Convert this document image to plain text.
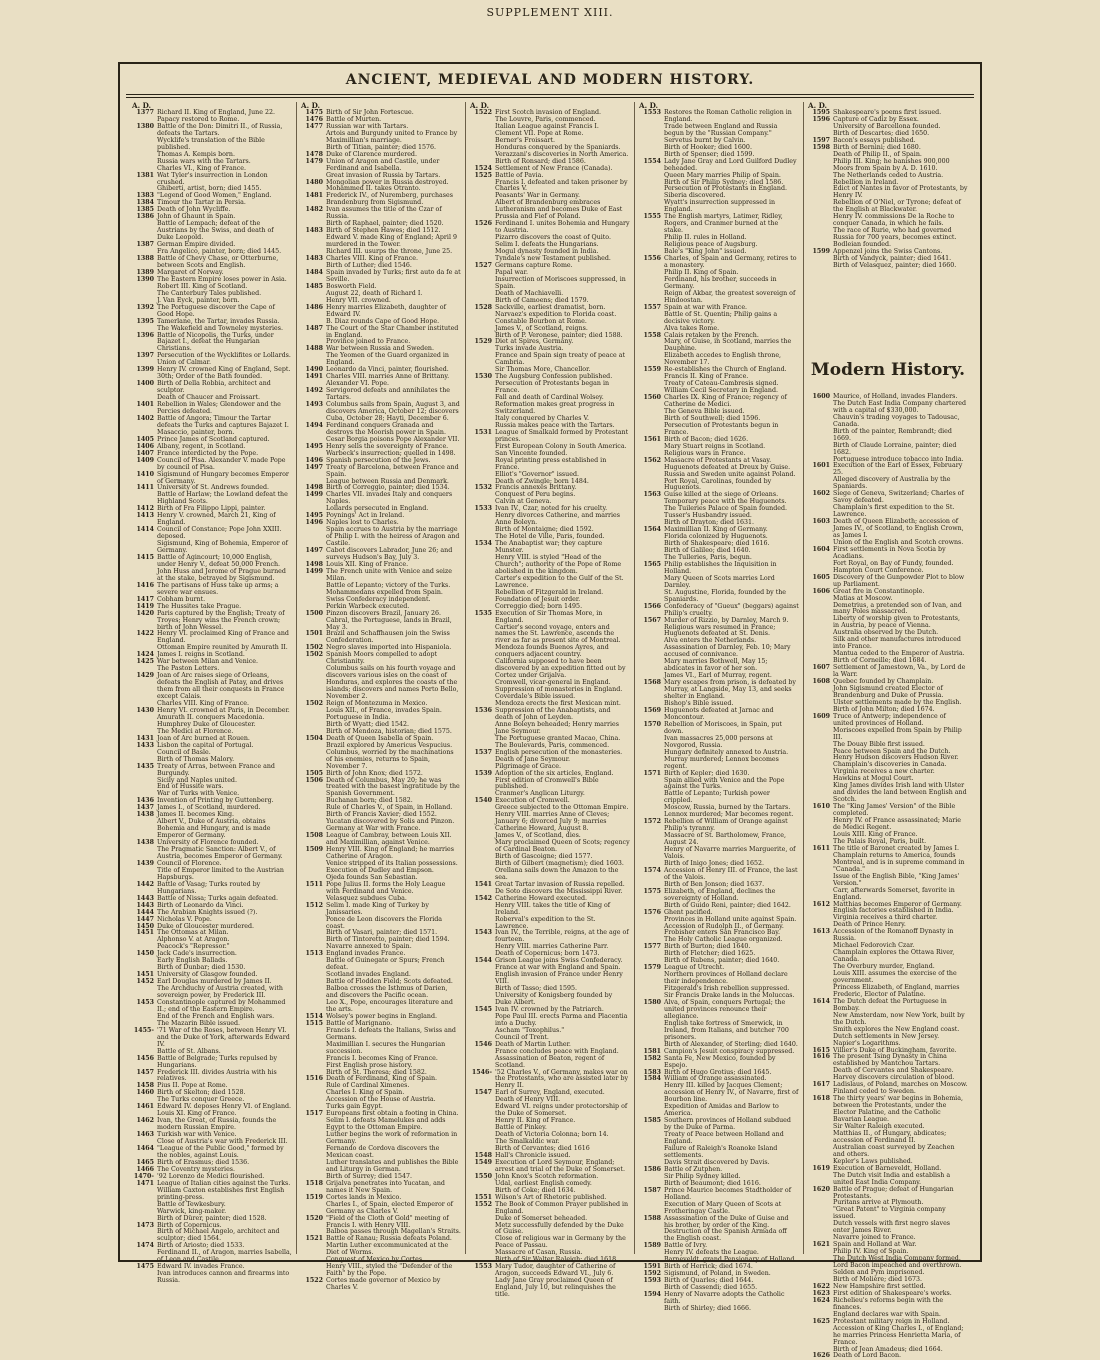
SUPPLEMENT XIII.
ANCIENT, MEDIEVAL AND MODERN HISTORY.
A. D.
1377 Richard II. King of England, June 22.
Papacy restored to Rome.
1380 Battle of the Don: Dimitri II., of Russia, defeats the Tartars.
Wycklife's translation of the Bible published.
Thomas A. Kempis born.
Russia wars with the Tartars.
Charles VI., King of France.
1381 Wat Tyler's insurrection in London crushed.
Ghiberti, artist, born; died 1455.
1383 "Legend of Good Women," England.
1384 Timour the Tartar in Persia.
1385 Death of John Wycliffe.
1386 John of Ghaunt in Spain.
Battle of Lempach; defeat of the Austrians by the Swiss, and death of Duke Leopold.
1387 German Empire divided.
Fra Angelico, painter, born; died 1445.
1388 Battle of Chevy Chase, or Otterburne, between Scots and English.
1389 Margaret of Norway.
1390 The Eastern Empire loses power in Asia.
Robert III. King of Scotland.
The Canterbury Tales published.
J. Van Eyck, painter, born.
1392 The Portuguese discover the Cape of Good Hope.
1395 Tamerlane, the Tartar, invades Russia.
The Wakefield and Towneley mysteries.
1396 Battle of Nicopolis, the Turks, under Bajazet I., defeat the Hungarian Christians.
1397 Persecution of the Wycklifites or Lollards.
Union of Calmar.
1399 Henry IV. crowned King of England, Sept. 30th; Order of the Bath founded.
1400 Birth of Della Robbia, architect and sculptor.
Death of Chaucer and Froissart.
1401 Rebellion in Wales; Glendower and the Percies defeated.
1402 Battle of Angora; Timour the Tartar defeats the Turks and captures Bajazet I.
Masaccio, painter, born.
1405 Prince James of Scotland captured.
1406 Albany, regent, in Scotland.
1407 France interdicted by the Pope.
1409 Council of Pisa. Alexander V. made Pope by council of Pisa.
1410 Sigismund of Hungary becomes Emperor of Germany.
1411 University of St. Andrews founded.
Battle of Harlaw; the Lowland defeat the Highland Scots.
1412 Birth of Fra Filippo Lippi, painter.
1413 Henry V. crowned, March 21, King of England.
1414 Council of Constance; Pope John XXIII. deposed.
Sigismund, King of Bohemia, Emperor of Germany.
1415 Battle of Agincourt; 10,000 English, under Henry V., defeat 50,000 French.
John Huss and Jerome of Prague burned at the stake, betrayed by Sigismund.
1416 The partisans of Huss take up arms; a severe war ensues.
1417 Cobham burnt.
1419 The Hussites take Prague.
1420 Paris captured by the English; Treaty of Troyes; Henry wins the French crown; birth of John Wessel.
1422 Henry VI. proclaimed King of France and England.
Ottoman Empire reunited by Amurath II.
1424 James I. reigns in Scotland.
1425 War between Milan and Venice.
The Paston Letters.
1429 Joan of Arc raises siege of Orleans, defeats the English at Patay, and drives them from all their conquests in France except Calais.
Charles VIII. King of France.
1430 Henry VI. crowned at Paris, in December.
Amurath II. conquers Macedonia.
Humphrey Duke of Gloucester.
The Medici at Florence.
1431 Joan of Arc burned at Rouen.
1433 Lisbon the capital of Portugal.
Council of Basle.
Birth of Thomas Malory.
1435 Treaty of Arras, between France and Burgundy.
Sicily and Naples united.
End of Hussite wars.
War of Turks with Venice.
1436 Invention of Printing by Guttenberg.
1437 James I., of Scotland, murdered.
1438 James II. becomes King.
Albert V., Duke of Austria, obtains Bohemia and Hungary, and is made Emperor of Germany.
1438 University of Florence founded.
The Pragmatic Sanction: Albert V., of Austria, becomes Emperor of Germany.
1439 Council of Florence.
Title of Emperor limited to the Austrian Hapsburgs.
1442 Battle of Vasag; Turks routed by Hungarians.
1443 Battle of Nissa; Turks again defeated.
1443 Birth of Leonardo da Vinci.
1444 The Arabian Knights issued (?).
1447 Nicholas V. Pope.
1450 Duke of Gloucester murdered.
1451 The Ottomas at Milan.
Alphonso V. at Aragon.
Peacock's "Repressor."
1450 Jack Cade's insurrection.
Early English Ballads.
Birth of Dunbar; died 1530.
1451 University of Glasgow founded.
1452 Earl Douglas murdered by James II.
The Archduchy of Austria created, with sovereign power, by Frederick III.
1453 Constantinople captured by Mohammed II.; end of the Eastern Empire.
End of the French and English wars.
The Mazarin Bible issued.
1455- '71 War of the Roses, between Henry VI. and the Duke of York, afterwards Edward IV.
Battle of St. Albans.
1456 Battle of Belgrade; Turks repulsed by Hungarians.
1457 Frederick III. divides Austria with his relatives.
1458 Pius II. Pope at Rome.
1460 Birth of Skelton; died 1528.
The Turks conquer Greece.
1461 Edward IV. deposes Henry VI. of England.
Louis XI. King of France.
1462 Ivan, the Great, of Russia, founds the modern Russian Empire.
1463 Turkish war with Venice.
Close of Austria's war with Frederick III.
1464 "League of the Public Good," formed by the nobles, against Louis.
1465 Birth of Erasmus; died 1536.
1466 The Coventry mysteries.
1470- '92 Lorenzo de Medici flourished.
1471 League of Italian cities against the Turks.
William Caxton establishes first English printing-press.
Battle of Tewkesbury.
Warwick, king-maker.
Birth of Dürer, painter; died 1528.
1473 Birth of Copernicus.
Birth of Michael Angelo, architect and sculptor; died 1564.
1474 Birth of Ariosto; died 1533.
Ferdinand II., of Aragon, marries Isabella, of Leon and Castile.
1475 Edward IV. invades France.
Ivan introduces cannon and firearms into Russia.
A. D.
1475 Birth of Sir John Fortescue.
1476 Battle of Murten.
1477 Russian war with Tartars.
Artois and Burgundy united to France by Maximillian's marriage.
Birth of Titian, painter; died 1576.
1478 Duke of Clarence murdered.
1479 Union of Aragon and Castile, under Ferdinand and Isabella.
Great invasion of Russia by Tartars.
1480 Mongolian power in Russia destroyed.
Mohammed II. takes Otranto.
1481 Frederick IV., of Nuremberg, purchases Brandenburg from Sigismund.
1482 Ivan assumes the title of the Czar of Russia.
Birth of Raphael, painter; died 1520.
1483 Birth of Stephen Hawes; died 1512.
Edward V. made King of England; April 9 murdered in the Tower.
Richard III. usurps the throne, June 25.
1483 Charles VIII. King of France.
Birth of Luther; died 1546.
1484 Spain invaded by Turks; first auto da fe at Seville.
1485 Bosworth Field.
August 22, death of Richard I.
Henry VII. crowned.
1486 Henry marries Elizabeth, daughter of Edward IV.
B. Diaz rounds Cape of Good Hope.
1487 The Court of the Star Chamber instituted in England.
Province joined to France.
1488 War between Russia and Sweden.
The Yeomen of the Guard organized in England.
1490 Leonardo da Vinci, painter, flourished.
1491 Charles VIII. marries Anne of Brittany.
Alexander VI. Pope.
1492 Servigorod defeats and annihilates the Tartars.
1493 Columbus sails from Spain, August 3, and discovers America, October 12; discovers Cuba, October 28; Hayti, December 6.
1494 Ferdinand conquers Granada and destroys the Moorish power in Spain.
Cesar Borgia poisons Pope Alexander VII.
1495 Henry sells the sovereignty of France.
Warbeck's insurrection; quelled in 1498.
1496 Spanish persecution of the Jews.
1497 Treaty of Barcelona, between France and Spain.
League between Russia and Denmark.
1498 Birth of Correggio, painter; died 1534.
1499 Charles VII. invades Italy and conquers Naples.
Lollards persecuted in England.
1495 Poynings' Act in Ireland.
1496 Naples lost to Charles.
Spain accrues to Austria by the marriage of Philip I. with the heiress of Aragon and Castile.
1497 Cabot discovers Labrador, June 26; and surveys Hudson's Bay, July 3.
1498 Louis XII. King of France.
1499 The French unite with Venice and seize Milan.
Battle of Lepanto; victory of the Turks.
Mohammedans expelled from Spain.
Swiss Confederacy independent.
Perkin Warbeck executed.
1500 Pinzon discovers Brazil, January 26.
Cabral, the Portuguese, lands in Brazil, May 3.
1501 Brazil and Schaffhausen join the Swiss Confederation.
1502 Negro slaves imported into Hispaniola.
1502 Spanish Moors compelled to adopt Christianity.
Columbus sails on his fourth voyage and discovers various isles on the coast of Honduras, and explores the coasts of the islands; discovers and names Porto Bello, November 2.
1502 Reign of Montezuma in Mexico.
Louis XII., of France, invades Spain.
Portuguese in India.
Birth of Wyatt; died 1542.
Birth of Mendoza, historian; died 1575.
1504 Death of Queen Isabella of Spain.
Brazil explored by Americus Vespucius.
Columbus, worried by the machinations of his enemies, returns to Spain, November 7.
1505 Birth of John Knox; died 1572.
1506 Death of Columbus, May 20; he was treated with the basest ingratitude by the Spanish Government.
Buchanan born; died 1582.
Rule of Charles V., of Spain, in Holland.
Birth of Francis Xavier; died 1552.
Yucatan discovered by Solis and Pinzon.
Germany at War with France.
1508 League of Cambray, between Louis XII. and Maximillian, against Venice.
1509 Henry VIII. King of England; he marries Catherine of Aragon.
Venice stripped of its Italian possessions.
Execution of Dudley and Empson.
Ojeda founds San Sebastian.
1511 Pope Julius II. forms the Holy League with Ferdinand and Venice.
Velasquez subdues Cuba.
1512 Selim I. made King of Turkey by Janissaries.
Ponce de Leon discovers the Florida coast.
Birth of Vasari, painter; died 1571.
Birth of Tintoretto, painter; died 1594.
Navarre annexed to Spain.
1513 England invades France.
Battle of Guinegate or Spurs; French defeat.
Scotland invades England.
Battle of Flodden Field; Scots defeated.
Balboa crosses the Isthmus of Darien, and discovers the Pacific ocean.
Leo X., Pope, encourages literature and the arts.
1514 Wolsey's power begins in England.
1515 Battle of Marignano.
Francis I. defeats the Italians, Swiss and Germans.
Maximillian I. secures the Hungarian succession.
Francis I. becomes King of France.
First English prose history.
Birth of St. Theresa; died 1582.
1516 Death of Ferdinand, King of Spain.
Rule of Cardinal Ximenes.
Charles I. King of Spain.
Accession of the House of Austria.
Turks gain Egypt.
1517 Europeans first obtain a footing in China.
Selim I. defeats Mamelukes and adds Egypt to the Ottoman Empire.
Luther begins the work of reformation in Germany.
Fernando de Cordova discovers the Mexican coast.
Luther translates and publishes the Bible and Liturgy in German.
Birth of Surrey; died 1547.
1518 Grijalva penetrates into Yucatan, and names it New Spain.
1519 Cortes lands in Mexico.
Charles I., of Spain, elected Emperor of Germany as Charles V.
1520 "Field of the Cloth of Gold" meeting of Francis I. with Henry VIII.
Balboa passes through Magellan's Straits.
1521 Battle of Ranau; Russia defeats Poland.
Martin Luther excommunicated at the Diet of Worms.
Conquest of Mexico by Cortes.
Henry VIII., styled the "Defender of the Faith" by the Pope.
1522 Cortes made governor of Mexico by Charles V.
A. D.
1522 First Scotch invasion of England.
The Louvre, Paris, commenced.
Italian League against Francis I.
Clement VII. Pope at Rome.
Berner's Froissart.
Honduras conquered by the Spaniards.
Verazzani's discoveries in North America.
Birth of Ronsard; died 1586.
1524 Settlement of New France (Canada).
1525 Battle of Pavia.
Francis I. defeated and taken prisoner by Charles V.
Peasants' War in Germany.
Albert of Brandenburg embraces Lutheranism and becomes Duke of East Prussia and Fief of Poland.
1526 Ferdinand I. unites Bohemia and Hungary to Austria.
Pizarro discovers the coast of Quito.
Selim I. defeats the Hungarians.
Mogul dynasty founded in India.
Tyndale's new Testament published.
1527 Germans capture Rome.
Papal war.
Insurrection of Moriscoes suppressed, in Spain.
Death of Machiavelli.
Birth of Camoens; died 1579.
1528 Sackville, earliest dramatist, born.
Narvaez's expedition to Florida coast.
Constable Bourbon at Rome.
James V., of Scotland, reigns.
Birth of P. Veronese, painter; died 1588.
1529 Diet at Spires, Germany.
Turks invade Austria.
France and Spain sign treaty of peace at Cambria.
Sir Thomas More, Chancellor.
1530 The Augsburg Confession published.
Persecution of Protestants began in France.
Fall and death of Cardinal Wolsey.
Reformation makes great progress in Switzerland.
Italy conquered by Charles V.
Russia makes peace with the Tartars.
1531 League of Smalkald formed by Protestant princes.
First European Colony in South America.
San Vincente founded.
Royal printing press established in France.
Elliot's "Governor" issued.
Death of Zwingle; born 1484.
1532 Francis annexes Brittany.
Conquest of Peru begins.
Calvin at Geneva.
1533 Ivan IV., Czar, noted for his cruelty.
Henry divorces Catherine, and marries Anne Boleyn.
Birth of Montaigne; died 1592.
The Hotel de Ville, Paris, founded.
1534 The Anabaptist war; they capture Munster.
Henry VIII. is styled "Head of the Church"; authority of the Pope of Rome abolished in the kingdom.
Carter's expedition to the Gulf of the St. Lawrence.
Rebellion of Fitzgerald in Ireland.
Foundation of Jesuit order.
Correggio died; born 1495.
1535 Execution of Sir Thomas More, in England.
Cartier's second voyage, enters and names the St. Lawrence, ascends the river as far as present site of Montreal.
Mendoza founds Buenos Ayres, and conquers adjacent country.
California supposed to have been discovered by an expedition fitted out by Cortez under Grijalva.
Cromwell, vicar-general in England.
Suppression of monasteries in England.
Coverdale's Bible issued.
Mendoza erects the first Mexican mint.
1536 Suppression of the Anabaptists, and death of John of Leyden.
Anne Boleyn beheaded; Henry marries Jane Seymour.
The Portuguese granted Macao, China.
The Boulevards, Paris, commenced.
1537 English persecution of the monasteries.
Death of Jane Seymour.
Pilgrimage of Grace.
1539 Adoption of the six articles, England.
First edition of Cromwell's Bible published.
Cranmer's Anglican Liturgy.
1540 Execution of Cromwell.
Greece subjected to the Ottoman Empire.
Henry VIII. marries Anne of Cleves; January 6; divorced July 9; marries Catherine Howard, August 8.
James V., of Scotland, dies.
Mary proclaimed Queen of Scots; regency of Cardinal Beaton.
Birth of Gascoigne; died 1577.
Birth of Gilbert (magnetism); died 1603.
Orellana sails down the Amazon to the sea.
1541 Great Tartar invasion of Russia repelled.
De Soto discovers the Mississippi River.
1542 Catherine Howard executed.
Henry VIII. takes the title of King of Ireland.
Roberval's expedition to the St. Lawrence.
1543 Ivan IV., the Terrible, reigns, at the age of fourteen.
Henry VIII. marries Catherine Parr.
Death of Copernicus; born 1473.
1544 Grison League joins Swiss Confederacy.
France at war with England and Spain.
English invasion of France under Henry VIII.
Birth of Tasso; died 1595.
University of Konigsberg founded by Duke Albert.
1545 Ivan IV. crowned by the Patriarch.
Pope Paul III. erects Parma and Placentia into a Duchy.
Ascham "Toxophilus."
Council of Trent.
1546 Death of Martin Luther.
France concludes peace with England.
Assassination of Beaton, regent of Scotland.
1546- '52 Charles V., of Germany, makes war on the Protestants, who are assisted later by Henry II.
1547 Earl of Surrey, England, executed.
Death of Henry VIII.
Edward VI. reigns under protectorship of the Duke of Somerset.
Henry II. King of France.
Battle of Pinkey.
Death of Victoria Colonna; born 14.
The Smalkaldic war.
Birth of Cervantes; died 1616
1548 Hall's Chronicle issued.
1549 Execution of Lord Seymour, England; arrest and trial of the Duke of Somerset.
1550 John Knox's Scotch reformation.
Udal, earliest English comedy.
Birth of Coke; died 1634.
1551 Wilson's Art of Rhetoric published.
1552 The Book of Common Prayer published in England.
Duke of Somerset beheaded.
Metz successfully defended by the Duke of Guise.
Close of religious war in Germany by the Peace of Passau.
Massacre of Casan, Russia.
Birth of Sir Walter Raleigh; died 1618.
1553 Mary Tudor, daughter of Catherine of Aragon, succeeds Edward VI., July 6.
Lady Jane Gray proclaimed Queen of England, July 10, but relinquishes the title.
A. D.
1553 Restores the Roman Catholic religion in England.
Trade between England and Russia begun by the "Russian Company."
Servetus burnt by Calvin.
Birth of Hooker; died 1600.
Birth of Spenser; died 1599.
1554 Lady Jane Gray and Lord Guilford Dudley beheaded.
Queen Mary marries Philip of Spain.
Birth of Sir Philip Sydney; died 1586.
Persecution of Protestants in England.
Siberia discovered.
Wyatt's insurrection suppressed in England.
1555 The English martyrs, Latimer, Ridley, Rogers, and Cranmer burned at the stake.
Philip II. rules in Holland.
Religious peace of Augsburg.
Bale's "King John" issued.
1556 Charles, of Spain and Germany, retires to a monastery.
Philip II. King of Spain.
Ferdinand, his brother, succeeds in Germany.
Reign of Akbar, the greatest sovereign of Hindoostan.
1557 Spain at war with France.
Battle of St. Quentin; Philip gains a decisive victory.
Alva takes Rome.
1558 Calais retaken by the French.
Mary, of Guise, in Scotland, marries the Dauphine.
Elizabeth accedes to English throne, November 17.
1559 Re-establishes the Church of England.
Francis II. King of France.
Treaty of Cateau-Cambresis signed.
William Cecil Secretary in England.
1560 Charles IX. King of France; regency of Catherine de Medici.
The Geneva Bible issued.
Birth of Southwell; died 1596.
Persecution of Protestants begun in France.
1561 Birth of Bacon; died 1626.
Mary Stuart reigns in Scotland.
Religious wars in France.
1562 Massacre of Protestants at Vasay.
Huguenots defeated at Dreux by Guise.
Russia and Sweden unite against Poland.
Port Royal, Carolinas, founded by Huguenots.
1563 Guise killed at the siege of Orleans.
Temporary peace with the Huguenots.
The Tuileries Palace of Spain founded.
Tusser's Husbandry issued.
Birth of Drayton; died 1631.
1564 Maximillian II. King of Germany.
Florida colonized by Huguenots.
Birth of Shakespeare; died 1616.
Birth of Galileo; died 1640.
The Tulleries, Paris, begun.
1565 Philip establishes the Inquisition in Holland.
Mary Queen of Scots marries Lord Darnley.
St. Augustine, Florida, founded by the Spaniards.
1566 Confederacy of "Gueux" (beggars) against Philip's cruelty.
1567 Murder of Rizzio, by Darnley, March 9.
Religious wars resumed in France; Huguenots defeated at St. Denis.
Alva enters the Netherlands.
Assassination of Darnley, Feb. 10; Mary accused of connivance.
Mary marries Bothwell, May 15; abdicates in favor of her son.
James VI., Earl of Murray, regent.
1568 Mary escapes from prison, is defeated by Murray, at Langside, May 13, and seeks shelter in England.
Bishop's Bible issued.
1569 Huguenots defeated at Jarnac and Moncontour.
1570 Rebellion of Moriscoes, in Spain, put down.
Ivan massacres 25,000 persons at Novgorod, Russia.
Hungary definitely annexed to Austria.
Murray murdered; Lennox becomes regent.
1571 Birth of Kepler; died 1630.
Spain allied with Venice and the Pope against the Turks.
Battle of Lepanto; Turkish power crippled.
Moscow, Russia, burned by the Tartars.
Lennox murdered; Mar becomes regent.
1572 Rebellion of William of Orange against Philip's tyranny.
Massacre of St. Bartholomew, France, August 24.
Henry of Navarre marries Marguerite, of Valois.
Birth of Inigo Jones; died 1652.
1574 Accession of Henry III. of France, the last of the Valois.
Birth of Ben Jonson; died 1637.
1575 Elizabeth, of England, declines the sovereignty of Holland.
Birth of Guido Reni, painter; died 1642.
1576 Ghent pacified.
Provinces in Holland unite against Spain.
Accession of Rudolph II., of Germany.
Frobisher enters San Francisco Bay.
The Holy Catholic League organized.
1577 Birth of Burton; died 1640.
Birth of Fletcher; died 1625.
Birth of Rubens, painter; died 1640.
1579 League of Utrecht.
Northern provinces of Holland declare their independence.
Fitzgerald's Irish rebellion suppressed.
Sir Francis Drake lands in the Moluccas.
1580 Alva, of Spain, conquers Portugal; the united provinces renounce their allegiance.
English take fortress of Smerwick, in Ireland, from Italians, and butcher 700 prisoners.
Birth of Alexander, of Sterling; died 1640.
1581 Campion's Jesuit conspiracy suppressed.
1582 Santa Fe, New Mexico, founded by Espejo.
1583 Birth of Hugo Grotius; died 1645.
1584 William of Orange assassinated.
Henry III. killed by Jacques Clement; accession of Henry IV., of Navarre, first of Bourbon line.
Expedition of Amidas and Barlow to America.
1585 Southern provinces of Holland subdued by the Duke of Parma.
Treaty of Peace between Holland and England.
Failure of Raleigh's Roanoke Island settlements.
Davis Strait discovered by Davis.
1586 Battle of Zutphen.
Sir Philip Sydney killed.
Birth of Beaumont; died 1616.
1587 Prince Maurice becomes Stadtholder of Holland.
Execution of Mary Queen of Scots at Frotheringay Castle.
1588 Assassination of the Duke of Guise and his brother, by order of the King.
Destruction of the Spanish Armada off the English coast.
1589 Battle of Ivry.
Henry IV. defeats the League.
Barneveldt, grand Pensionary of Holland.
1591 Birth of Herrick; died 1674.
1592 Sigismund, of Poland, in Sweden.
1593 Birth of Quarles; died 1644.
Birth of Cassendi; died 1655.
1594 Henry of Navarre adopts the Catholic faith.
Birth of Shirley; died 1666.
A. D.
1595 Shakespeare's poems first issued.
1596 Capture of Cadiz by Essex.
University of Barcellona founded.
Birth of Descartes; died 1650.
1597 Bacon's essays published.
1598 Birth of Bernini; died 1680.
Death of Philip II., of Spain.
Philip III. King; he banishes 900,000 Moors from Spain by A. D. 1610.
The Netherlands ceded to Austria.
Rebellion in Ireland.
Edict of Nantes in favor of Protestants, by Henry IV.
Rebellion of O'Niel, or Tyrone; defeat of the English at Blackwater.
Henry IV. commissions De la Roche to conquer Canada, in which he fails.
The race of Rurie, who had governed Russia for 700 years, becomes extinct.
Bodleian founded.
1599 Appenzel joins the Swiss Cantons.
Birth of Vandyck, painter; died 1641.
Birth of Velasquez, painter; died 1660.
Modern History.
1600 Maurice, of Holland, invades Flanders.
The Dutch East India Company chartered with a capital of $330,000.
Chauvin's trading voyages to Tadousac, Canada.
Birth of the painter, Rembrandt; died 1669.
Birth of Claude Lorraine, painter; died 1682.
Portuguese introduce tobacco into India.
1601 Execution of the Earl of Essex, February 25.
Alleged discovery of Australia by the Spaniards.
1602 Siege of Geneva, Switzerland; Charles of Savoy defeated.
Champlain's first expedition to the St. Lawrence.
1603 Death of Queen Elizabeth; accession of James IV., of Scotland, to English Crown, as James I.
Union of the English and Scotch crowns.
1604 First settlements in Nova Scotia by Acadians.
Fort Royal, on Bay of Fundy, founded.
Hampton Court Conference.
1605 Discovery of the Gunpowder Plot to blow up Parliament.
1606 Great fire in Constantinople.
Matias at Moscow.
Demetrius, a pretended son of Ivan, and many Poles massacred.
Liberty of worship given to Protestants, in Austria, by peace of Vienna.
Australia observed by the Dutch.
Silk and other manufactures introduced into France.
Mantua ceded to the Emperor of Austria.
Birth of Corneille; died 1684.
1607 Settlement of Jamestown, Va., by Lord de la Warr.
1608 Quebec founded by Champlain.
John Sigismund created Elector of Brandenburg and Duke of Prussia.
Ulster settlements made by the English.
Birth of John Milton; died 1674.
1609 Truce of Antwerp; independence of united provinces of Holland.
Moriscoes expelled from Spain by Philip III.
The Douay Bible first issued.
Peace between Spain and the Dutch.
Henry Hudson discovers Hudson River.
Champlain's discoveries in Canada.
Virginia receives a new charter.
Hawkins at Mogul Court.
King James divides Irish land with Ulster and divides the land between English and Scotch.
1610 The "King James' Version" of the Bible completed.
Henry IV. of France assassinated; Marie de Medici Regent.
Louis XIII. King of France.
The Palais Royal, Paris, built.
1611 The title of Baronet created by James I.
Champlain returns to America, founds Montreal, and is in supreme command in "Canada."
Issue of the English Bible, "King James' Version."
Carr, afterwards Somerset, favorite in England.
1612 Matthias becomes Emperor of Germany.
English factories established in India.
Virginia receives a third charter.
Death of Prince Henry.
1613 Accession of the Romanoff Dynasty in Russia.
Michael Fedorovich Czar.
Champlain explores the Ottawa River, Canada.
The Overbury murder, England.
Louis XIII. assumes the exercise of the government.
Princess Elizabeth, of England, marries Frederic, Elector of Palatine.
1614 The Dutch defeat the Portuguese in Bombay.
New Amsterdam, now New York, built by the Dutch.
Smith explores the New England coast.
Dutch settlements in New Jersey.
Napier's Logarithms.
1615 Villier's Duke of Buckingham, favorite.
1616 The present Tsing Dynasty in China established by Mantchou Tartars.
Death of Cervantes and Shakespeare.
Harvey discovers circulation of blood.
1617 Ladislaus, of Poland, marches on Moscow.
Finland ceded to Sweden.
1618 The thirty years' war begins in Bohemia, between the Protestants, under the Elector Palatine, and the Catholic Bavarian League.
Sir Walter Raleigh executed.
Matthias II., of Hungary, abdicates; accession of Ferdinand II.
Australian coast surveyed by Zeachen and others.
Kepler's Laws published.
1619 Execution of Barneveldt, Holland.
The Dutch visit India and establish a united East India Company.
1620 Battle of Prague; defeat of Hungarian Protestants.
Puritans arrive at Plymouth.
"Great Patent" to Virginia company issued.
Dutch vessels with first negro slaves enter James River.
Navarre joined to France.
1621 Spain and Holland at War.
Philip IV. King of Spain.
The Dutch West India Company formed.
Lord Bacon impeached and overthrown.
Selden and Pym imprisoned.
Birth of Molière; died 1673.
1622 New Hampshire first settled.
1623 First edition of Shakespeare's works.
1624 Richelieu's reforms begin with the finances.
England declares war with Spain.
1625 Protestant military reign in Holland.
Accession of King Charles I., of England; he marries Princess Henrietta Maria, of France.
Birth of Jean Amadeus; died 1664.
1626 Death of Lord Bacon.
